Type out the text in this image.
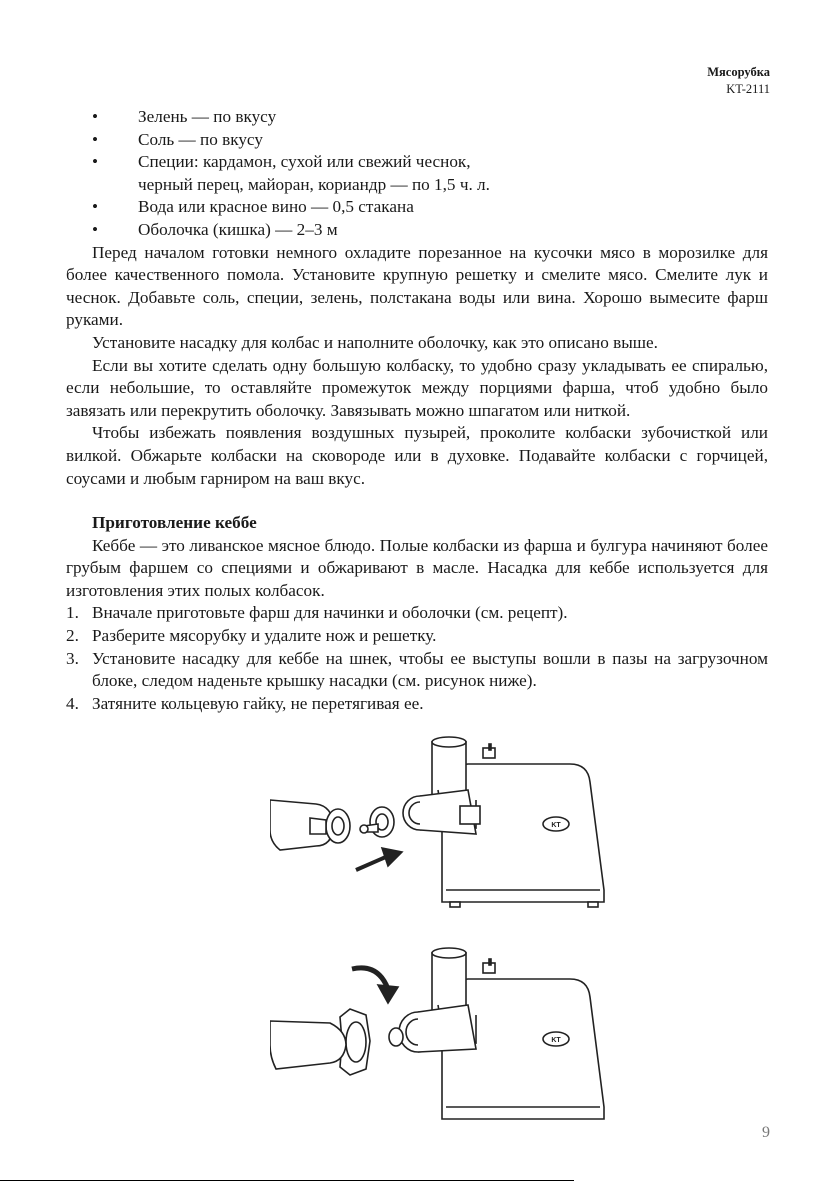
Мясорубка
KT-2111
• Зелень — по вкусу
• Соль — по вкусу
• Специи: кардамон, сухой или свежий чеснок,
черный перец, майоран, кориандр — по 1,5 ч. л.
• Вода или красное вино — 0,5 стакана
• Оболочка (кишка) — 2–3 м
Перед началом готовки немного охладите порезанное на кусочки мясо в морозилке для более качественного помола. Установите крупную решетку и смелите мясо. Смелите лук и чеснок. Добавьте соль, специи, зелень, полстакана воды или вина. Хорошо вымесите фарш руками.
Установите насадку для колбас и наполните оболочку, как это описано выше.
Если вы хотите сделать одну большую колбаску, то удобно сразу укладывать ее спиралью, если небольшие, то оставляйте промежуток между порциями фарша, чтоб удобно было завязать или перекрутить оболочку. Завязывать можно шпагатом или ниткой.
Чтобы избежать появления воздушных пузырей, проколите колбаски зубочисткой или вилкой. Обжарьте колбаски на сковороде или в духовке. Подавайте колбаски с горчицей, соусами и любым гарниром на ваш вкус.
Приготовление кеббе
Кеббе — это ливанское мясное блюдо. Полые колбаски из фарша и булгура начиняют более грубым фаршем со специями и обжаривают в масле. Насадка для кеббе используется для изготовления этих полых колбасок.
1. Вначале приготовьте фарш для начинки и оболочки (см. рецепт).
2. Разберите мясорубку и удалите нож и решетку.
3. Установите насадку для кеббе на шнек, чтобы ее выступы вошли в пазы на загрузочном блоке, следом наденьте крышку насадки (см. рисунок ниже).
4. Затяните кольцевую гайку, не перетягивая ее.
KT
KT
9
